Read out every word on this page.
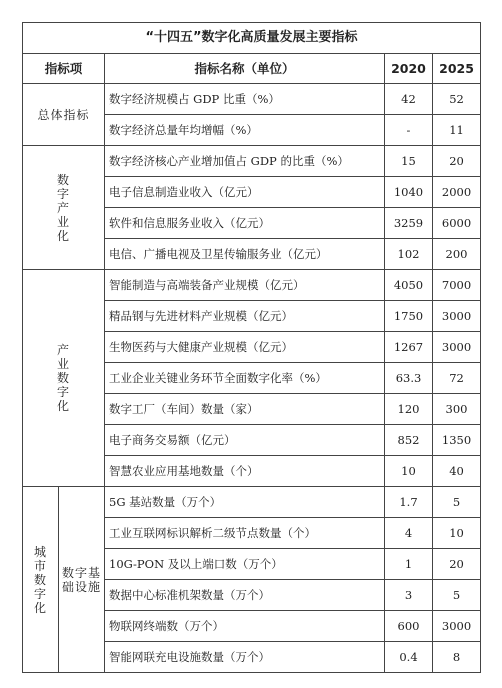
“十四五”数字化高质量发展主要指标				
指标项		指标名称（单位）	2020	2025
总体指标		数字经济规模占 GDP 比重（%）	42	52
		数字经济总量年均增幅（%）	-	11
数字产业化		数字经济核心产业增加值占 GDP 的比重（%）	15	20
		电子信息制造业收入（亿元）	1040	2000
		软件和信息服务业收入（亿元）	3259	6000
		电信、广播电视及卫星传输服务业（亿元）	102	200
产业数字化		智能制造与高端装备产业规模（亿元）	4050	7000
		精品钢与先进材料产业规模（亿元）	1750	3000
		生物医药与大健康产业规模（亿元）	1267	3000
		工业企业关键业务环节全面数字化率（%）	63.3	72
		数字工厂（车间）数量（家）	120	300
		电子商务交易额（亿元）	852	1350
		智慧农业应用基地数量（个）	10	40
城市数字化	数字基础设施	5G 基站数量（万个）	1.7	5
		工业互联网标识解析二级节点数量（个）	4	10
		10G-PON 及以上端口数（万个）	1	20
		数据中心标准机架数量（万个）	3	5
		物联网终端数（万个）	600	3000
		智能网联充电设施数量（万个）	0.4	8
